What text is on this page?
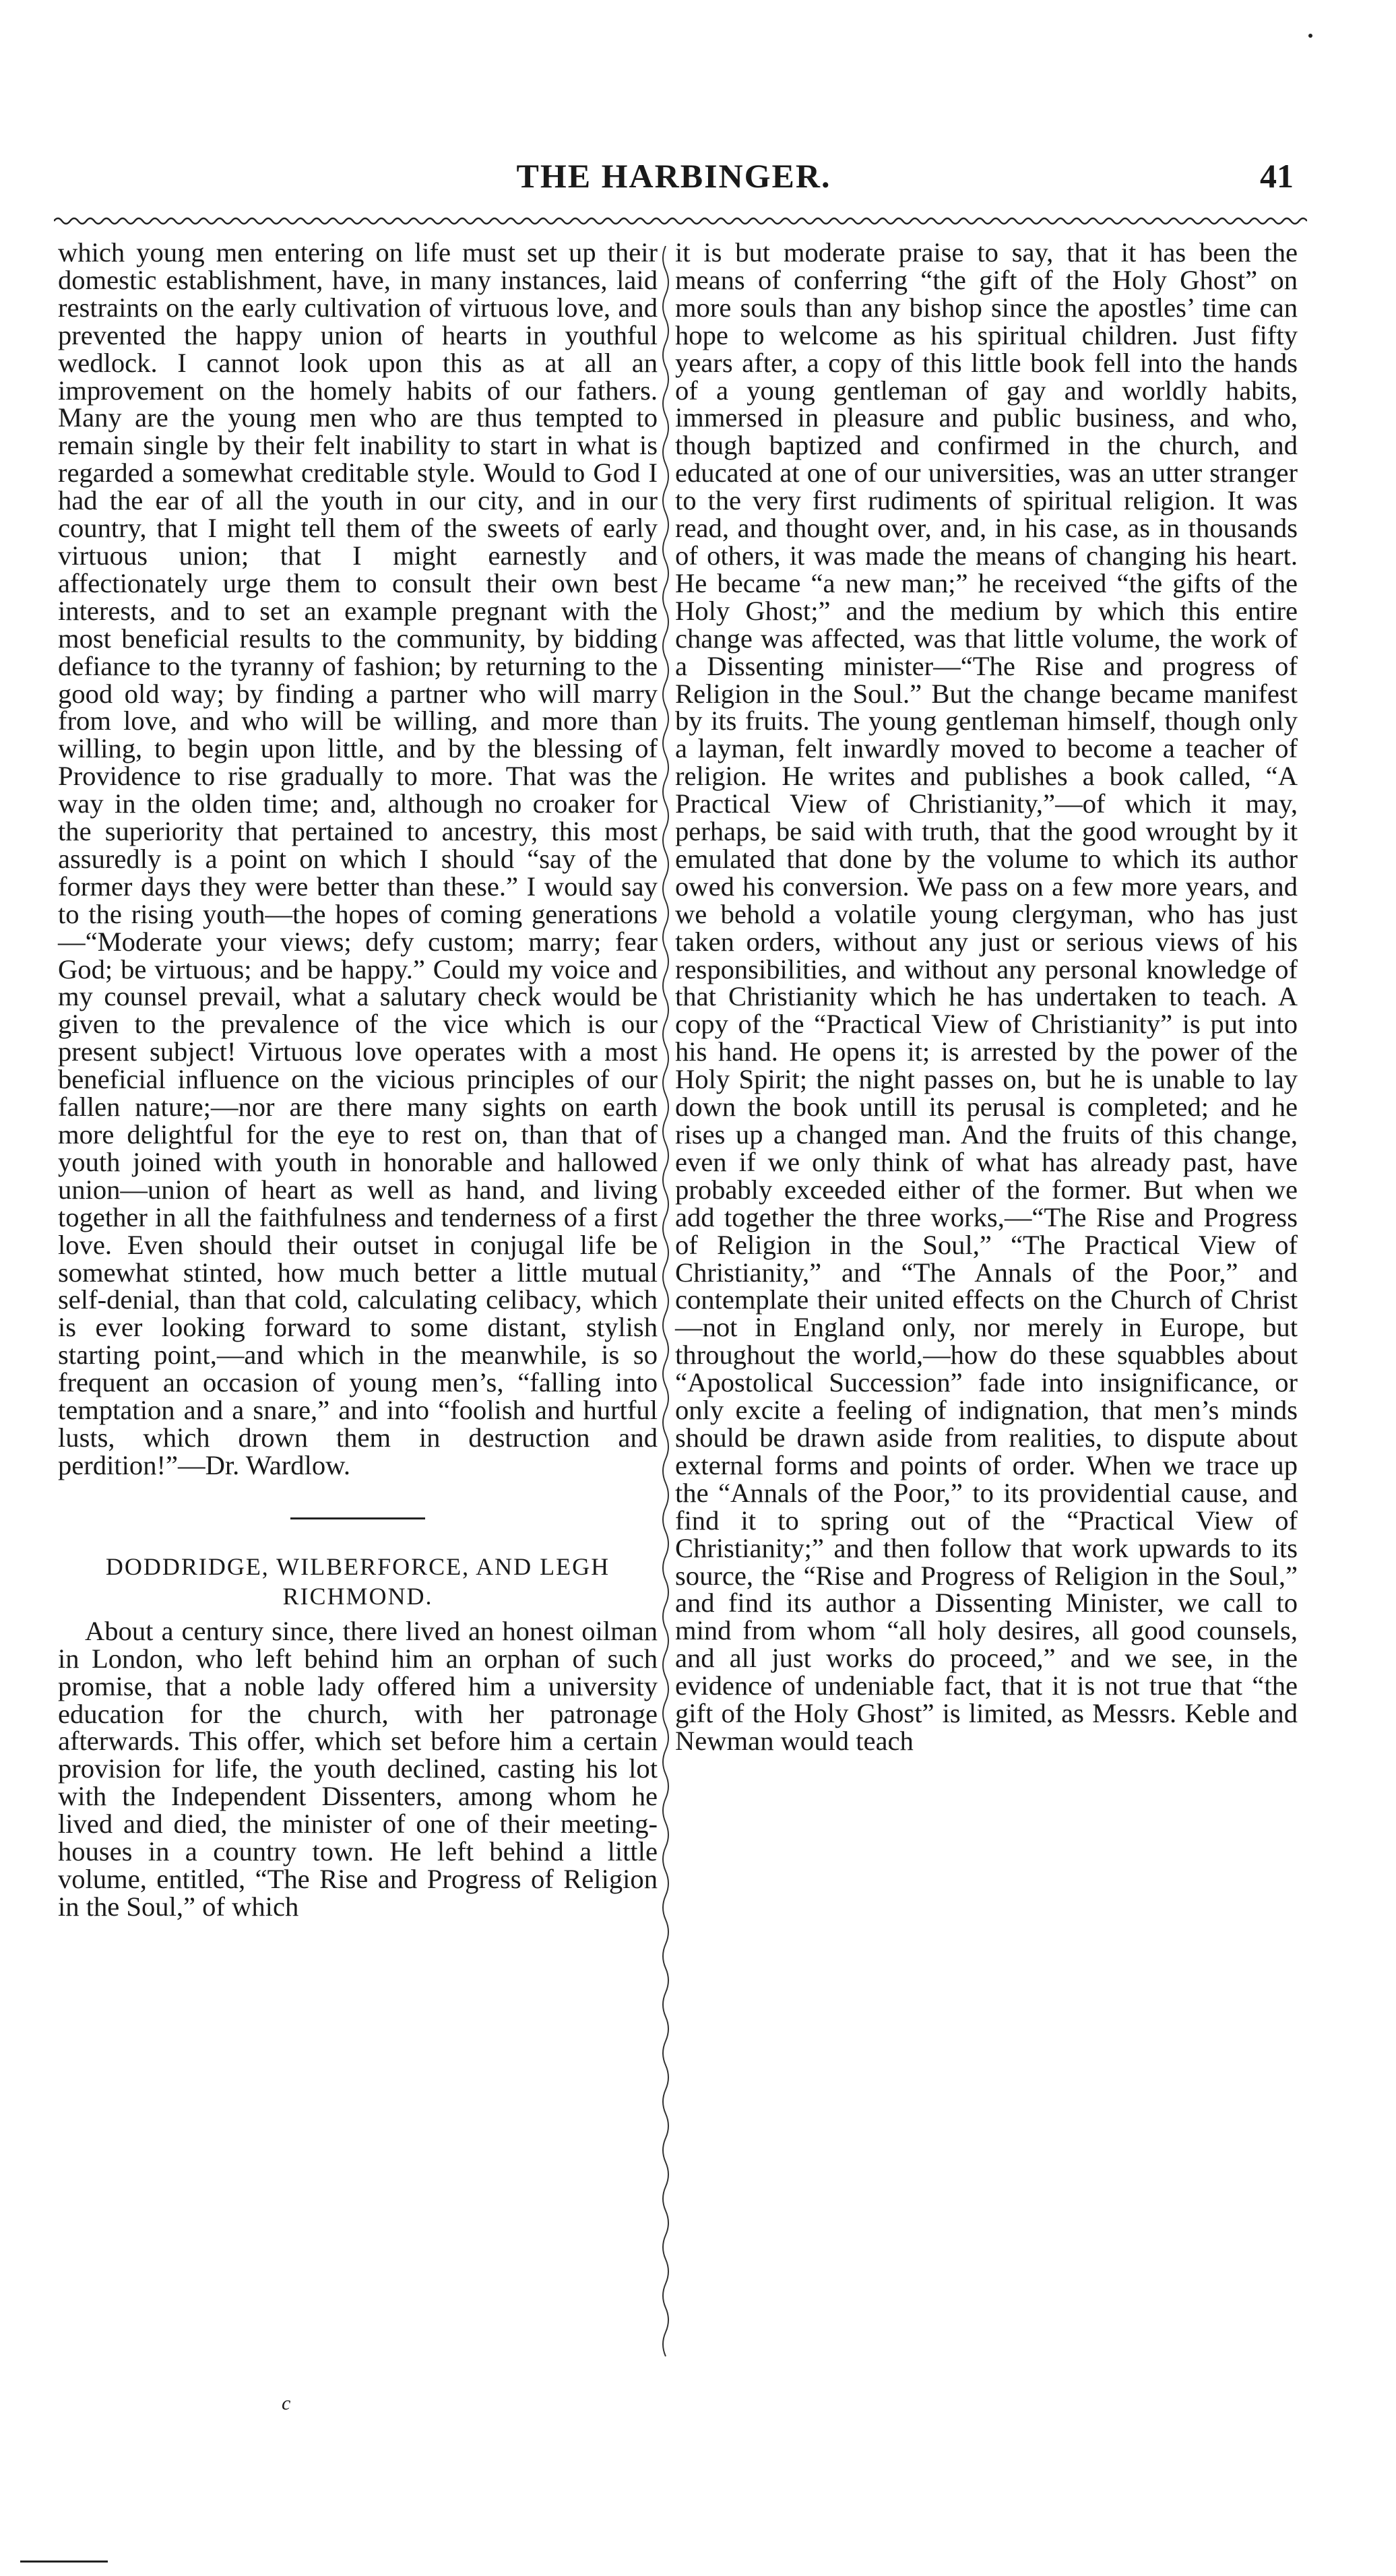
THE HARBINGER.	41

which young men entering on life must set up their domestic establishment, have, in many instances, laid restraints on the early cultivation of virtuous love, and prevented the happy union of hearts in youthful wedlock. I cannot look upon this as at all an improvement on the homely habits of our fathers. Many are the young men who are thus tempted to remain single by their felt inability to start in what is regarded a somewhat creditable style. Would to God I had the ear of all the youth in our city, and in our country, that I might tell them of the sweets of early virtuous union; that I might earnestly and affectionately urge them to consult their own best interests, and to set an example pregnant with the most beneficial results to the community, by bidding defiance to the tyranny of fashion; by returning to the good old way; by finding a partner who will marry from love, and who will be willing, and more than willing, to begin upon little, and by the blessing of Providence to rise gradually to more. That was the way in the olden time; and, although no croaker for the superiority that pertained to ancestry, this most assuredly is a point on which I should “say of the former days they were better than these.” I would say to the rising youth—the hopes of coming generations—“Moderate your views; defy custom; marry; fear God; be virtuous; and be happy.” Could my voice and my counsel prevail, what a salutary check would be given to the prevalence of the vice which is our present subject! Virtuous love operates with a most beneficial influence on the vicious principles of our fallen nature;—nor are there many sights on earth more delightful for the eye to rest on, than that of youth joined with youth in honorable and hallowed union—union of heart as well as hand, and living together in all the faithfulness and tenderness of a first love. Even should their outset in conjugal life be somewhat stinted, how much better a little mutual self-denial, than that cold, calculating celibacy, which is ever looking forward to some distant, stylish starting point,—and which in the meanwhile, is so frequent an occasion of young men’s, “falling into temptation and a snare,” and into “foolish and hurtful lusts, which drown them in destruction and perdition!”—Dr. Wardlow.

DODDRIDGE, WILBERFORCE, AND LEGH RICHMOND.

About a century since, there lived an honest oilman in London, who left behind him an orphan of such promise, that a noble lady offered him a university education for the church, with her patronage afterwards. This offer, which set before him a certain provision for life, the youth declined, casting his lot with the Independent Dissenters, among whom he lived and died, the minister of one of their meeting-houses in a country town. He left behind a little volume, entitled, “The Rise and Progress of Religion in the Soul,” of which

it is but moderate praise to say, that it has been the means of conferring “the gift of the Holy Ghost” on more souls than any bishop since the apostles’ time can hope to welcome as his spiritual children. Just fifty years after, a copy of this little book fell into the hands of a young gentleman of gay and worldly habits, immersed in pleasure and public business, and who, though baptized and confirmed in the church, and educated at one of our universities, was an utter stranger to the very first rudiments of spiritual religion. It was read, and thought over, and, in his case, as in thousands of others, it was made the means of changing his heart. He became “a new man;” he received “the gifts of the Holy Ghost;” and the medium by which this entire change was affected, was that little volume, the work of a Dissenting minister—“The Rise and progress of Religion in the Soul.” But the change became manifest by its fruits. The young gentleman himself, though only a layman, felt inwardly moved to become a teacher of religion. He writes and publishes a book called, “A Practical View of Christianity,”—of which it may, perhaps, be said with truth, that the good wrought by it emulated that done by the volume to which its author owed his conversion. We pass on a few more years, and we behold a volatile young clergyman, who has just taken orders, without any just or serious views of his responsibilities, and without any personal knowledge of that Christianity which he has undertaken to teach. A copy of the “Practical View of Christianity” is put into his hand. He opens it; is arrested by the power of the Holy Spirit; the night passes on, but he is unable to lay down the book untill its perusal is completed; and he rises up a changed man. And the fruits of this change, even if we only think of what has already past, have probably exceeded either of the former. But when we add together the three works,—“The Rise and Progress of Religion in the Soul,” “The Practical View of Christianity,” and “The Annals of the Poor,” and contemplate their united effects on the Church of Christ—not in England only, nor merely in Europe, but throughout the world,—how do these squabbles about “Apostolical Succession” fade into insignificance, or only excite a feeling of indignation, that men’s minds should be drawn aside from realities, to dispute about external forms and points of order. When we trace up the “Annals of the Poor,” to its providential cause, and find it to spring out of the “Practical View of Christianity;” and then follow that work upwards to its source, the “Rise and Progress of Religion in the Soul,” and find its author a Dissenting Minister, we call to mind from whom “all holy desires, all good counsels, and all just works do proceed,” and we see, in the evidence of undeniable fact, that it is not true that “the gift of the Holy Ghost” is limited, as Messrs. Keble and Newman would teach

c
